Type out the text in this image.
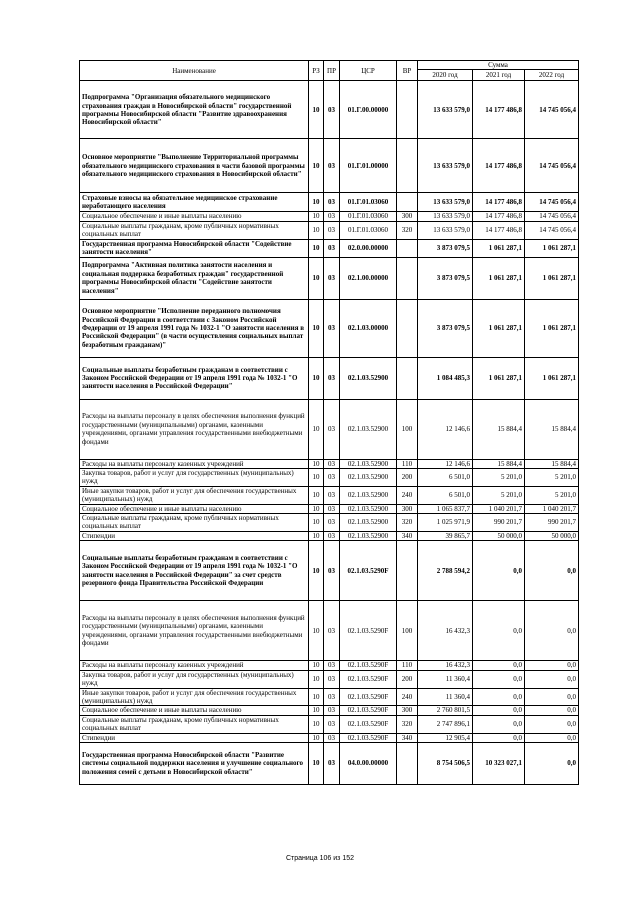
Наименование	РЗ	ПР	ЦСР	ВР	Сумма		
					2020 год	2021 год	2022 год
Подпрограмма "Организация обязательного медицинского страхования граждан в Новосибирской области" государственной программы Новосибирской области "Развитие здравоохранения Новосибирской области"	10	03	01.Г.00.00000		13 633 579,0	14 177 486,8	14 745 056,4
Основное мероприятие "Выполнение Территориальной программы обязательного медицинского страхования в части базовой программы обязательного медицинского страхования в Новосибирской области"	10	03	01.Г.01.00000		13 633 579,0	14 177 486,8	14 745 056,4
Страховые взносы на обязательное медицинское страхование неработающего населения	10	03	01.Г.01.03060		13 633 579,0	14 177 486,8	14 745 056,4
Социальное обеспечение и иные выплаты населению	10	03	01.Г.01.03060	300	13 633 579,0	14 177 486,8	14 745 056,4
Социальные выплаты гражданам, кроме публичных нормативных социальных выплат	10	03	01.Г.01.03060	320	13 633 579,0	14 177 486,8	14 745 056,4
Государственная программа Новосибирской области "Содействие занятости населения"	10	03	02.0.00.00000		3 873 079,5	1 061 287,1	1 061 287,1
Подпрограмма "Активная политика занятости населения и социальная поддержка безработных граждан" государственной программы Новосибирской области "Содействие занятости населения"	10	03	02.1.00.00000		3 873 079,5	1 061 287,1	1 061 287,1
Основное мероприятие "Исполнение переданного полномочия Российской Федерации в соответствии с Законом Российской Федерации от 19 апреля 1991 года № 1032-1 "О занятости населения в Российской Федерации" (в части осуществления социальных выплат безработным гражданам)"	10	03	02.1.03.00000		3 873 079,5	1 061 287,1	1 061 287,1
Социальные выплаты безработным гражданам в соответствии с Законом Российской Федерации от 19 апреля 1991 года № 1032-1 "О занятости населения в Российской Федерации"	10	03	02.1.03.52900		1 084 485,3	1 061 287,1	1 061 287,1
Расходы на выплаты персоналу в целях обеспечения выполнения функций государственными (муниципальными) органами, казенными учреждениями, органами управления государственными внебюджетными фондами	10	03	02.1.03.52900	100	12 146,6	15 884,4	15 884,4
Расходы на выплаты персоналу казенных учреждений	10	03	02.1.03.52900	110	12 146,6	15 884,4	15 884,4
Закупка товаров, работ и услуг для государственных (муниципальных) нужд	10	03	02.1.03.52900	200	6 501,0	5 201,0	5 201,0
Иные закупки товаров, работ и услуг для обеспечения государственных (муниципальных) нужд	10	03	02.1.03.52900	240	6 501,0	5 201,0	5 201,0
Социальное обеспечение и иные выплаты населению	10	03	02.1.03.52900	300	1 065 837,7	1 040 201,7	1 040 201,7
Социальные выплаты гражданам, кроме публичных нормативных социальных выплат	10	03	02.1.03.52900	320	1 025 971,9	990 201,7	990 201,7
Стипендии	10	03	02.1.03.52900	340	39 865,7	50 000,0	50 000,0
Социальные выплаты безработным гражданам в соответствии с Законом Российской Федерации от 19 апреля 1991 года № 1032-1 "О занятости населения в Российской Федерации" за счет средств резервного фонда Правительства Российской Федерации	10	03	02.1.03.5290F		2 788 594,2	0,0	0,0
Расходы на выплаты персоналу в целях обеспечения выполнения функций государственными (муниципальными) органами, казенными учреждениями, органами управления государственными внебюджетными фондами	10	03	02.1.03.5290F	100	16 432,3	0,0	0,0
Расходы на выплаты персоналу казенных учреждений	10	03	02.1.03.5290F	110	16 432,3	0,0	0,0
Закупка товаров, работ и услуг для государственных (муниципальных) нужд	10	03	02.1.03.5290F	200	11 360,4	0,0	0,0
Иные закупки товаров, работ и услуг для обеспечения государственных (муниципальных) нужд	10	03	02.1.03.5290F	240	11 360,4	0,0	0,0
Социальное обеспечение и иные выплаты населению	10	03	02.1.03.5290F	300	2 760 801,5	0,0	0,0
Социальные выплаты гражданам, кроме публичных нормативных социальных выплат	10	03	02.1.03.5290F	320	2 747 896,1	0,0	0,0
Стипендии	10	03	02.1.03.5290F	340	12 905,4	0,0	0,0
Государственная программа Новосибирской области "Развитие системы социальной поддержки населения и улучшение социального положения семей с детьми в Новосибирской области"	10	03	04.0.00.00000		8 754 506,5	10 323 027,1	0,0
Страница 106 из 152
